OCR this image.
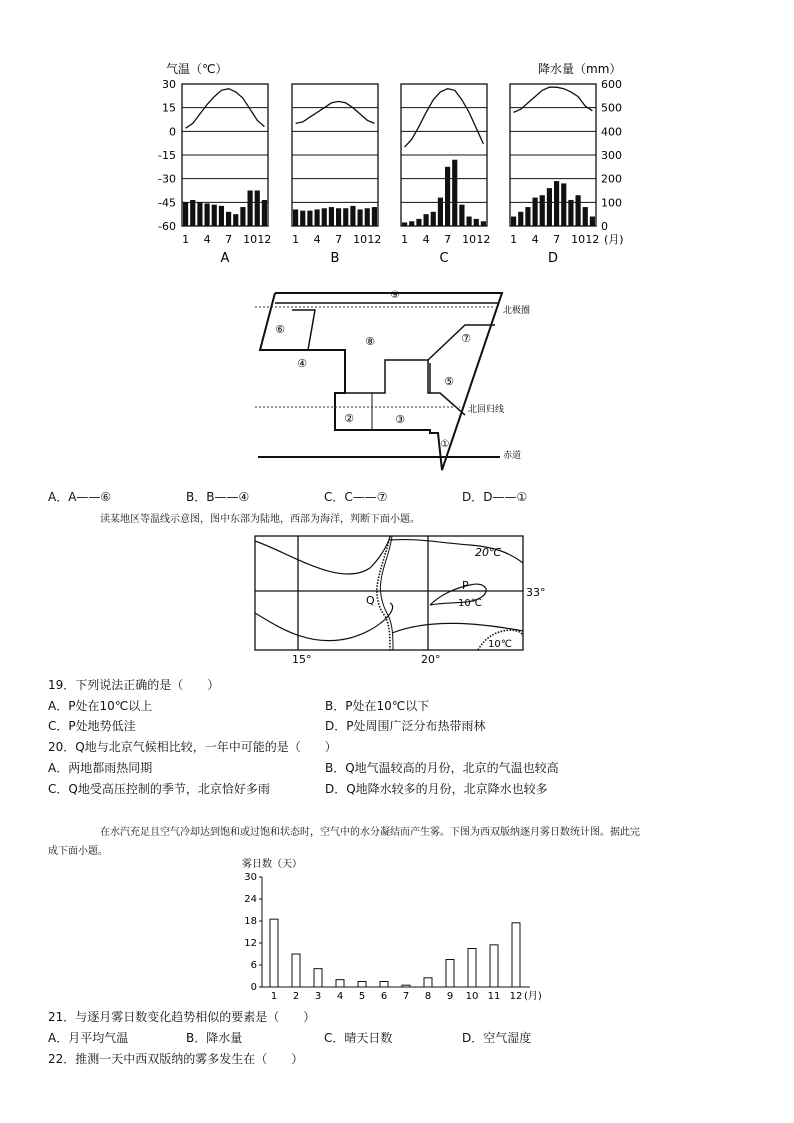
气温（℃）	降水量（mm）
30
15
0
-15
-30
-45
-60
600
500
400
300
200
100
0
1 4 7 10 12
A
1 4 7 10 12
B
1 4 7 10 12
C
1 4 7 10 12
D
(月)
⑨
⑥
⑧	⑦
④
⑤
②	③
①
北极圈
北回归线
赤道
A．A——⑥	B．B——④	C．C——⑦	D．D——①
读某地区等温线示意图，图中东部为陆地，西部为海洋，判断下面小题。
20℃
10℃
10℃
P
Q
33°
15°	20°
19．下列说法正确的是（　　）
A．P处在10℃以上	B．P处在10℃以下
C．P处地势低洼	D．P处周围广泛分布热带雨林
20．Q地与北京气候相比较，一年中可能的是（　　）
A．两地都雨热同期	B．Q地气温较高的月份，北京的气温也较高
C．Q地受高压控制的季节，北京恰好多雨	D．Q地降水较多的月份，北京降水也较多
在水汽充足且空气冷却达到饱和或过饱和状态时，空气中的水分凝结而产生雾。下图为西双版纳逐月雾日数统计图。据此完
成下面小题。
雾日数（天）
30
24
18
12
6
0
1 2 3 4 5 6 7 8 9 10 11 12 (月)
21．与逐月雾日数变化趋势相似的要素是（　　）
A．月平均气温	B．降水量	C．晴天日数	D．空气湿度
22．推测一天中西双版纳的雾多发生在（　　）
